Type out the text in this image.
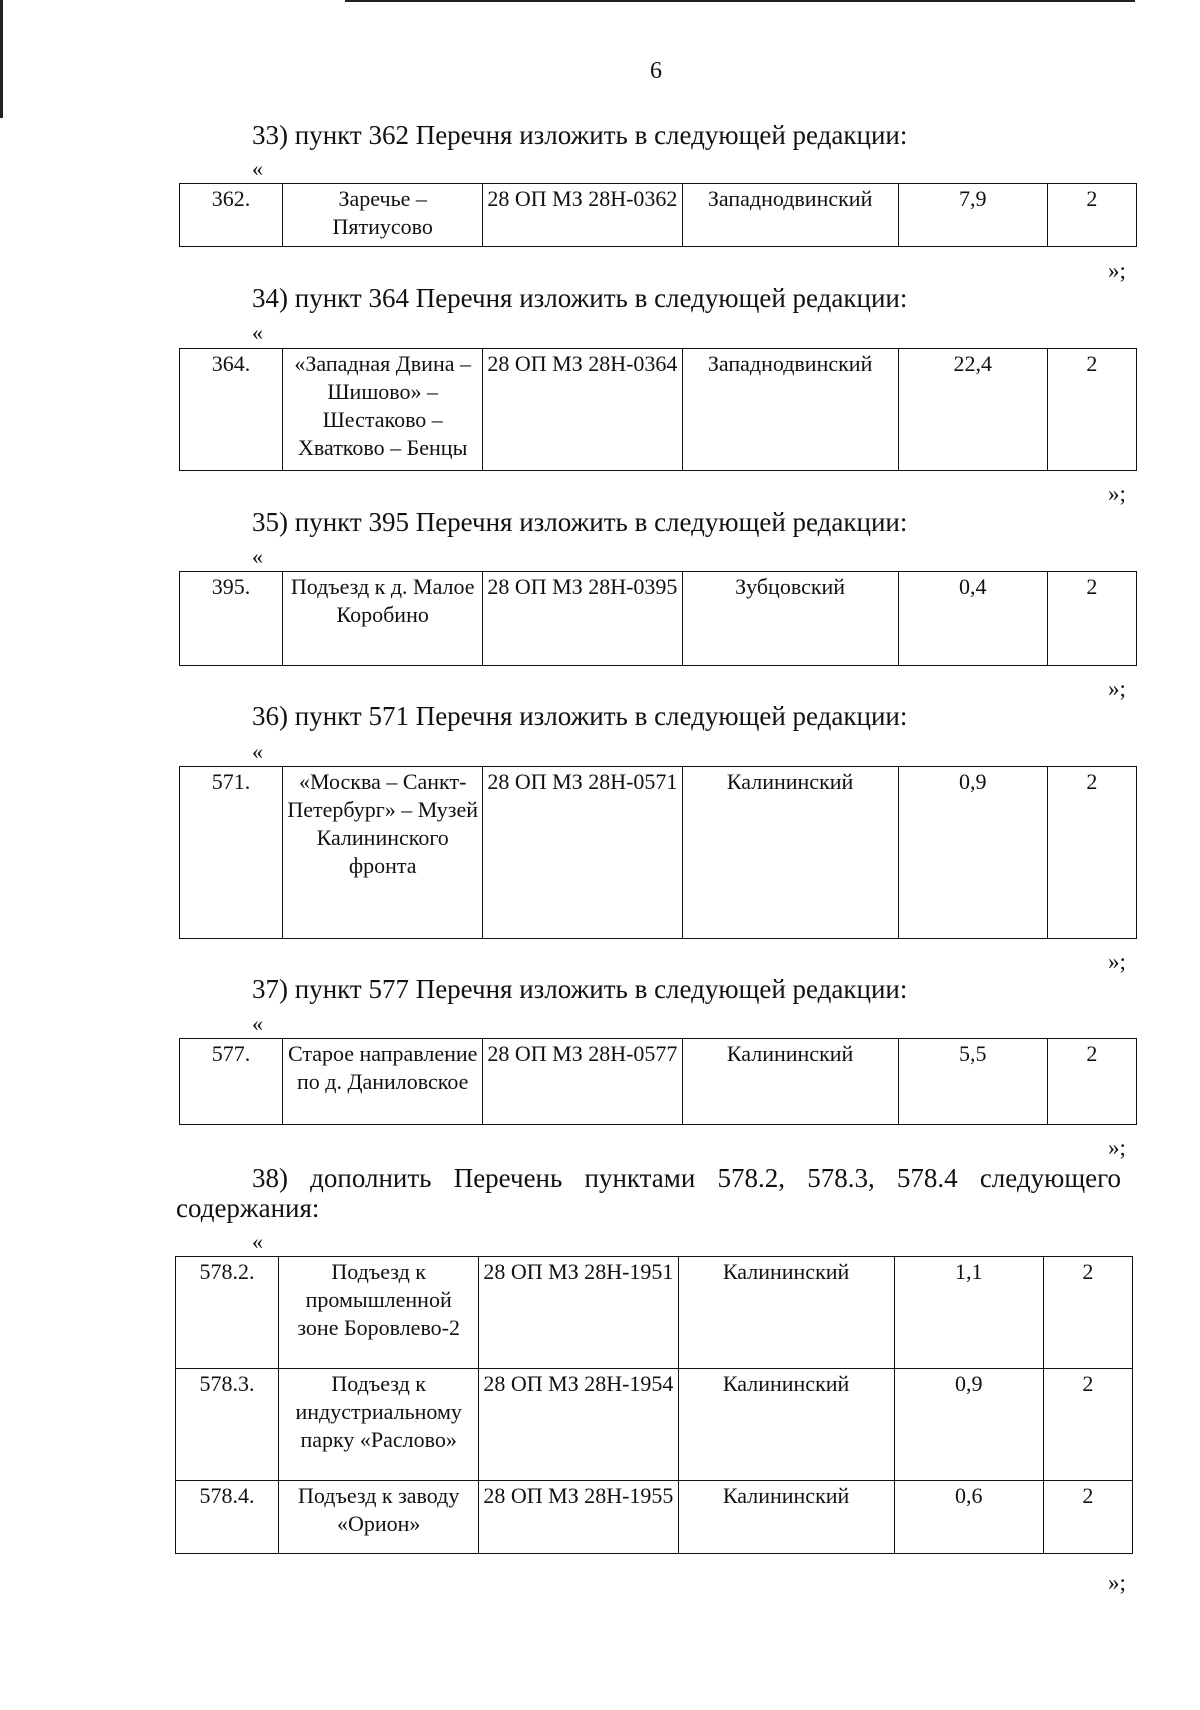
6
33) пункт 362 Перечня изложить в следующей редакции:
«
362.	Заречье – Пятиусово	28 ОП МЗ 28Н-0362	Западнодвинский	7,9	2
»;
34) пункт 364 Перечня изложить в следующей редакции:
«
364.	«Западная Двина – Шишово» – Шестаково – Хватково – Бенцы	28 ОП МЗ 28Н-0364	Западнодвинский	22,4	2
»;
35) пункт 395 Перечня изложить в следующей редакции:
«
395.	Подъезд к д. Малое Коробино	28 ОП МЗ 28Н-0395	Зубцовский	0,4	2
»;
36) пункт 571 Перечня изложить в следующей редакции:
«
571.	«Москва – Санкт-Петербург» – Музей Калининского фронта	28 ОП МЗ 28Н-0571	Калининский	0,9	2
»;
37) пункт 577 Перечня изложить в следующей редакции:
«
577.	Старое направление по д. Даниловское	28 ОП МЗ 28Н-0577	Калининский	5,5	2
»;
38) дополнить Перечень пунктами 578.2, 578.3, 578.4 следующего содержания:
«
578.2.	Подъезд к промышленной зоне Боровлево-2	28 ОП МЗ 28Н-1951	Калининский	1,1	2
578.3.	Подъезд к индустриальному парку «Раслово»	28 ОП МЗ 28Н-1954	Калининский	0,9	2
578.4.	Подъезд к заводу «Орион»	28 ОП МЗ 28Н-1955	Калининский	0,6	2
»;
